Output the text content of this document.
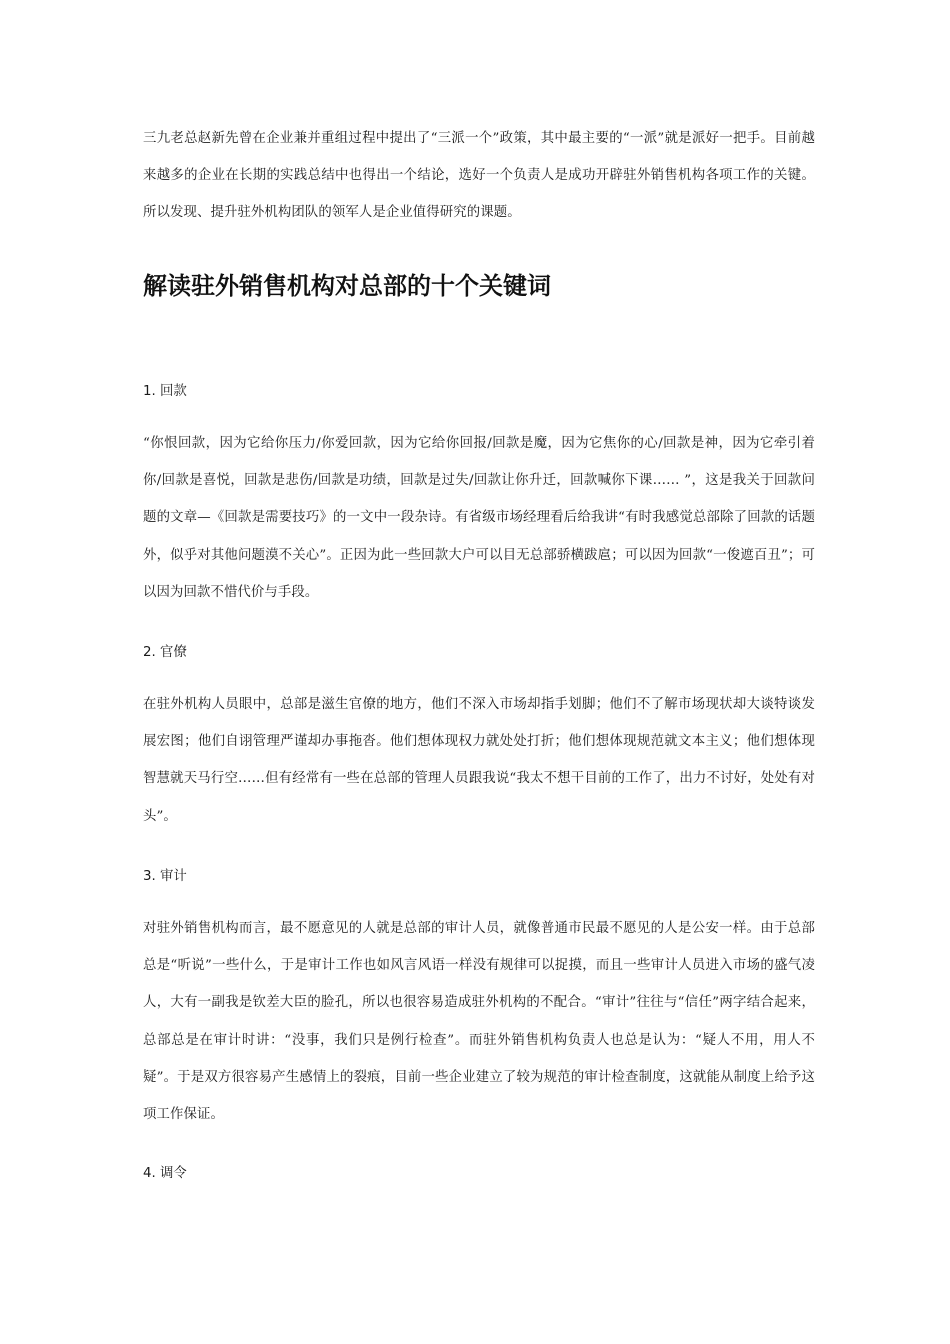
三九老总赵新先曾在企业兼并重组过程中提出了“三派一个”政策，其中最主要的“一派”就是派好一把手。目前越来越多的企业在长期的实践总结中也得出一个结论，选好一个负责人是成功开辟驻外销售机构各项工作的关键。所以发现、提升驻外机构团队的领军人是企业值得研究的课题。

解读驻外销售机构对总部的十个关键词
1. 回款

“你恨回款，因为它给你压力/你爱回款，因为它给你回报/回款是魔，因为它焦你的心/回款是神，因为它牵引着你/回款是喜悦，回款是悲伤/回款是功绩，回款是过失/回款让你升迁，回款喊你下课…… ”，这是我关于回款问题的文章—《回款是需要技巧》的一文中一段杂诗。有省级市场经理看后给我讲“有时我感觉总部除了回款的话题外，似乎对其他问题漠不关心”。正因为此一些回款大户可以目无总部骄横跋扈；可以因为回款“一俊遮百丑”；可以因为回款不惜代价与手段。

2. 官僚

在驻外机构人员眼中，总部是滋生官僚的地方，他们不深入市场却指手划脚；他们不了解市场现状却大谈特谈发展宏图；他们自诩管理严谨却办事拖沓。他们想体现权力就处处打折；他们想体现规范就文本主义；他们想体现智慧就天马行空……但有经常有一些在总部的管理人员跟我说“我太不想干目前的工作了，出力不讨好，处处有对头”。

3. 审计

对驻外销售机构而言，最不愿意见的人就是总部的审计人员，就像普通市民最不愿见的人是公安一样。由于总部总是“听说”一些什么，于是审计工作也如风言风语一样没有规律可以捉摸，而且一些审计人员进入市场的盛气凌人，大有一副我是钦差大臣的脸孔，所以也很容易造成驻外机构的不配合。“审计”往往与“信任”两字结合起来，总部总是在审计时讲：“没事，我们只是例行检查”。而驻外销售机构负责人也总是认为：“疑人不用，用人不疑”。于是双方很容易产生感情上的裂痕，目前一些企业建立了较为规范的审计检查制度，这就能从制度上给予这项工作保证。

4. 调令
